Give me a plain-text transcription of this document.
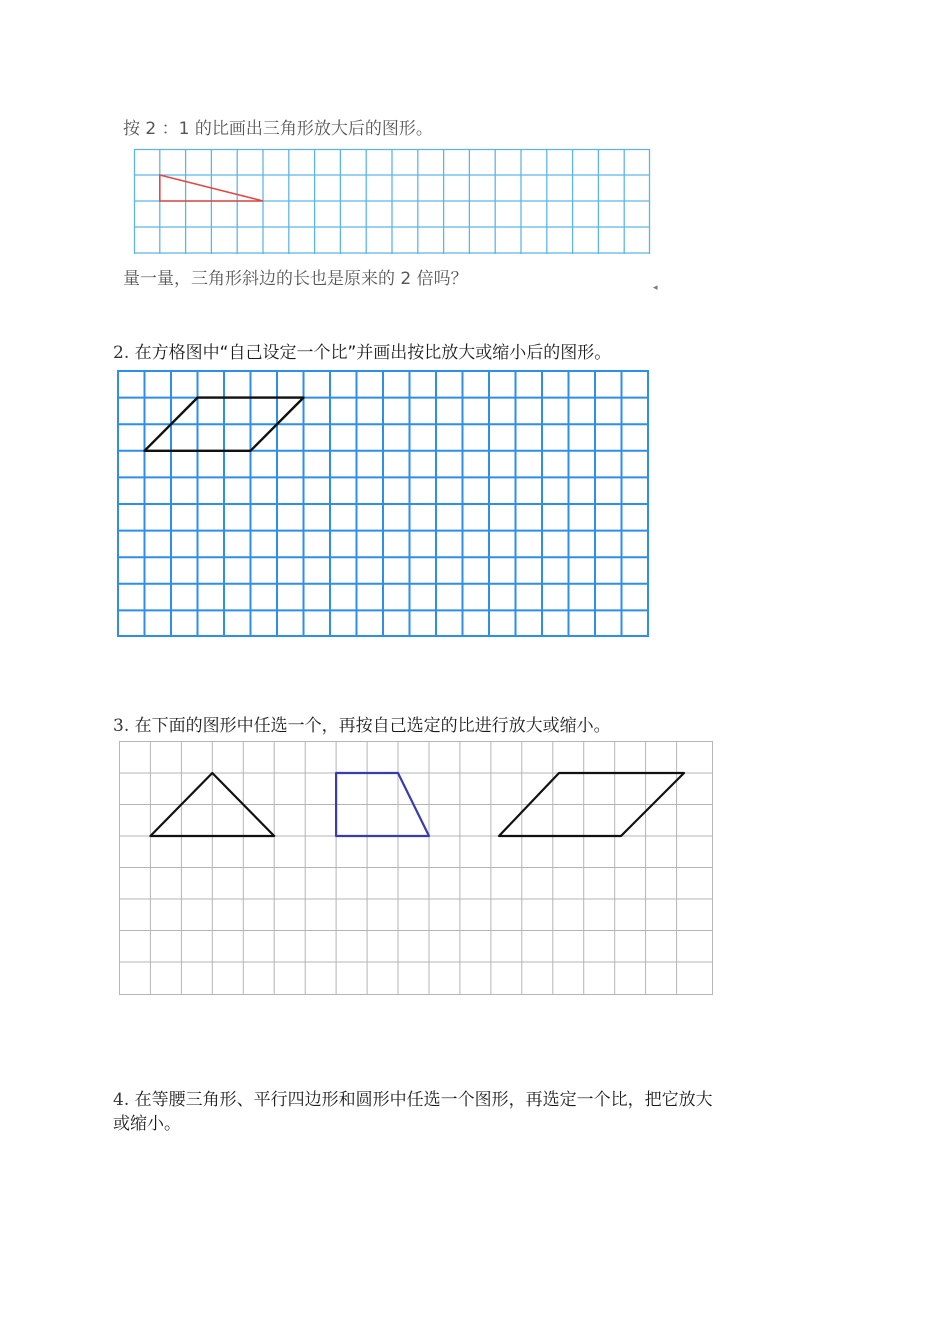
按 2 ：1 的比画出三角形放大后的图形。
量一量，三角形斜边的长也是原来的 2 倍吗？	◂
2. 在方格图中“自己设定一个比”并画出按比放大或缩小后的图形。
3. 在下面的图形中任选一个，再按自己选定的比进行放大或缩小。
4. 在等腰三角形、平行四边形和圆形中任选一个图形，再选定一个比，把它放大
或缩小。
